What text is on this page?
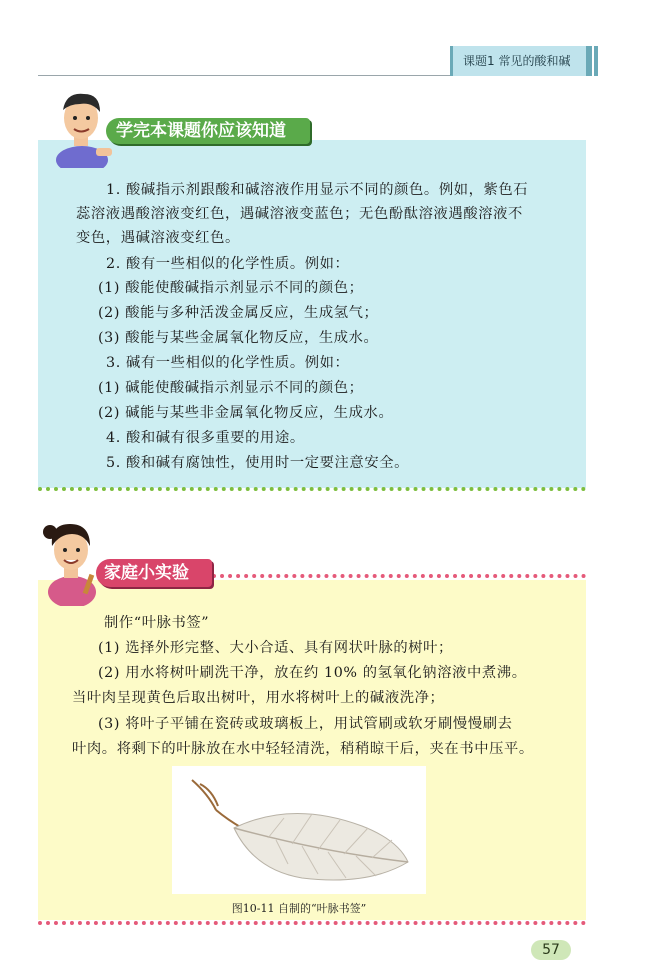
课题1 常见的酸和碱
学完本课题你应该知道
1. 酸碱指示剂跟酸和碱溶液作用显示不同的颜色。例如，紫色石
蕊溶液遇酸溶液变红色，遇碱溶液变蓝色；无色酚酞溶液遇酸溶液不
变色，遇碱溶液变红色。
2. 酸有一些相似的化学性质。例如：
(1) 酸能使酸碱指示剂显示不同的颜色；
(2) 酸能与多种活泼金属反应，生成氢气；
(3) 酸能与某些金属氧化物反应，生成水。
3. 碱有一些相似的化学性质。例如：
(1) 碱能使酸碱指示剂显示不同的颜色；
(2) 碱能与某些非金属氧化物反应，生成水。
4. 酸和碱有很多重要的用途。
5. 酸和碱有腐蚀性，使用时一定要注意安全。
家庭小实验
制作“叶脉书签”
(1) 选择外形完整、大小合适、具有网状叶脉的树叶；
(2) 用水将树叶刷洗干净，放在约 10% 的氢氧化钠溶液中煮沸。
当叶肉呈现黄色后取出树叶，用水将树叶上的碱液洗净；
(3) 将叶子平铺在瓷砖或玻璃板上，用试管刷或软牙刷慢慢刷去
叶肉。将剩下的叶脉放在水中轻轻清洗，稍稍晾干后，夹在书中压平。
图10-11 自制的“叶脉书签”
57
